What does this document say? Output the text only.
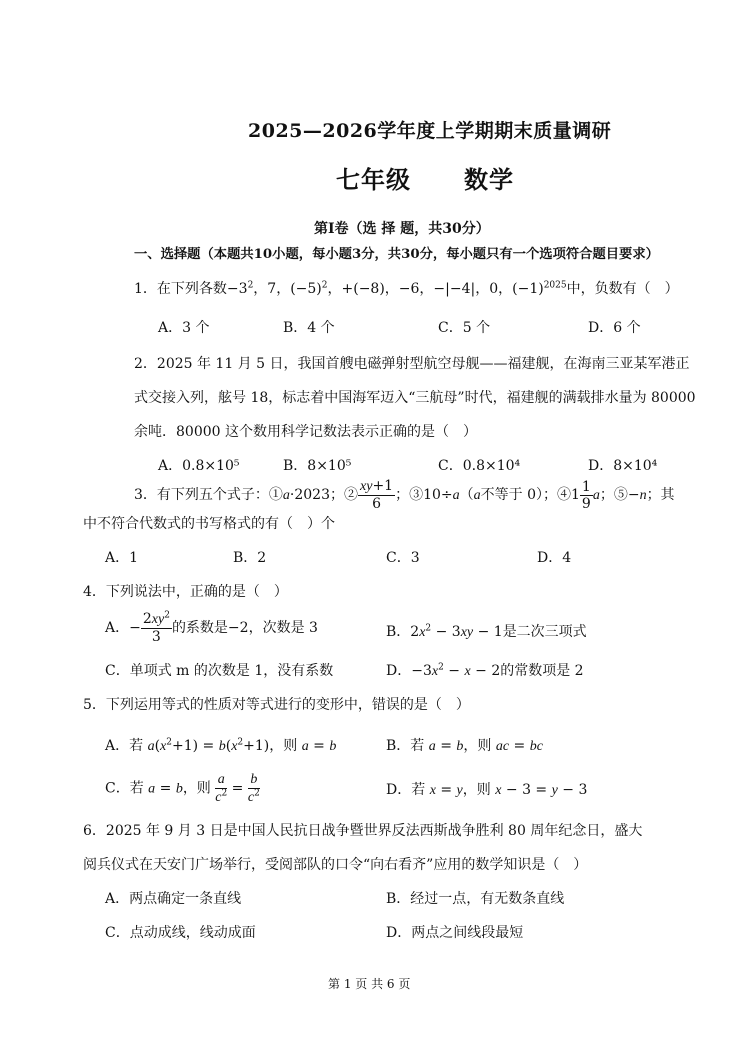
2025—2026学年度上学期期末质量调研
七年级 数学
第Ⅰ卷（选 择 题，共30分）
一、选择题（本题共10小题，每小题3分，共30分，每小题只有一个选项符合题目要求）
1．在下列各数$-3^2$，7，$(-5)^2$，+(−8)，−6，−|−4|，0，$(-1)^{2025}$中，负数有（　）
A．3 个	B．4 个	C．5 个	D．6 个
2．2025 年 11 月 5 日，我国首艘电磁弹射型航空母舰——福建舰，在海南三亚某军港正
式交接入列，舷号 18，标志着中国海军迈入“三航母”时代，福建舰的满载排水量为 80000
余吨．80000 这个数用科学记数法表示正确的是（　）
A．0.8×10⁵	B．8×10⁵	C．0.8×10⁴	D．8×10⁴
3．有下列五个式子：①a·2023；② $\frac{xy+1}{6}$ ；③10÷a（a不等于 0）；④1 $\frac{1}{9}$ a；⑤−n；其
中不符合代数式的书写格式的有（　）个
A．1	B．2	C．3	D．4
4．下列说法中，正确的是（　）
A．− $\frac{2xy^2}{3}$ 的系数是−2，次数是 3	B．$2x^2 - 3xy - 1$是二次三项式
C．单项式 m 的次数是 1，没有系数	D．$-3x^2 - x - 2$的常数项是 2
5．下列运用等式的性质对等式进行的变形中，错误的是（　）
A．若 $a(x^2+1) = b(x^2+1)$，则 a = b	B．若 a = b，则 ac = bc
C．若 a = b，则 $\frac{a}{c^2} = \frac{b}{c^2}$	D．若 x = y，则 x − 3 = y − 3
6．2025 年 9 月 3 日是中国人民抗日战争暨世界反法西斯战争胜利 80 周年纪念日，盛大
阅兵仪式在天安门广场举行，受阅部队的口令“向右看齐”应用的数学知识是（　）
A．两点确定一条直线	B．经过一点，有无数条直线
C．点动成线，线动成面	D．两点之间线段最短
第 1 页 共 6 页
